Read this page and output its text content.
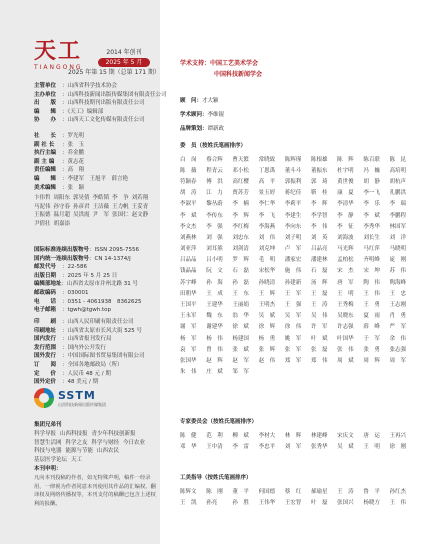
天工
TIANGONG
2014 年创刊
2025 年 5 月
2025 年第 15 期（总第 171 期）
主管单位 ：山西省科学技术协会
主办单位 ：山西科技新闻出版传媒集团有限责任公司
出　　版 ：山西科技期刊出版有限责任公司
编　　辑 ：《天工》编辑部
协　　办 ：山西天工文化传媒有限责任公司
社　　长 ：罗光明
副 社 长 ：张　玉
执行主编 ：乔金鹏
副 主 编 ：黄志花
责任编辑 ：高　翔
编　　辑 ：李建军　王旭平　薛言艳
美术编辑 ：张　颖
卞伟哲 周阳东 郭昊倩 李皓韬 李　争 刘若翔马泥伟 孙守春 孙彦君 王洁薇 王力帆 王妥青王振德 温月超 吴洪霞 尹　军 张国仁 赵文静尹倩壮 胡嘉添
国际标准连续出版物号：ISSN 2095-7556
国内统一连续出版物号：CN 14-1374/J
邮发代号 ：22-586
出版日期 ：2025 年 5 月 25 日
编辑部地址：山西省太原市并州北路 31 号
邮政编码 ：030001
电　　话 ：0351 - 4061938　8362625
电子邮箱 ：tgwh@tgwh.top
印　　刷 ：山西人民印刷有限责任公司
印刷地址 ：山西省太原市长风大街 525 号
国内发行 ：山西省报刊发行局
发行范围 ：国内外公开发行
国外发行 ：中国国际图书贸易集团有限公司
订　　阅 ：全国各地邮政局（所）
定　　价 ：人民币 48 元 / 期
国外定价 ：48 美元 / 期
SSTM
山西科技新闻出版传媒集团
集团兄弟刊
科学导报 山西科技报 青少年科技创新报智慧生活网 科学之友 科学与财经 今日农业科技与电器 能源与节能 山西农民基层医学论坛 天工
本刊申明：
凡向本刊投稿的作者，如无特殊声明，稿件一经录用，一律视为作者同意本刊使用其作品的汇编权、翻译权及网络传播权等，本刊支付的稿酬已包含上述权利的报酬。
学术支持：中国工艺美术学会
中国科技新闻学会
顾　问：才大颖
学术顾问：李维锟
品牌策划：谭新政
委　员（按姓氏笔画排序）
白　岗	蔡合辉	曹天繁	常晓致	陈辉瑾	陈根雄	陈　辉	陈百联	陈　昆
陈　薇	程青云	邓小松	丁恩禹	董斗斗	董振东	杜宇明	冯　巍	高培明
符颖春	傅　洪	高红樱	高　平	郭振利	郭　琦	黄世俊	胡　静	胡杭声
胡　涛	江　力	贾苏芳	景玉婷	蒋纪佳	靳　桂	康　夏	李一飞	孔鹏洪
李淑平	黎丛蔚	李　楠	李仁华	李莉平	李　辉	李清华	李　乐	李　瑞
李　斌	李传东	李　辉	李　飞	李建生	李学智	李　静	李　斌	李鹏程
李文杰	李　强	李红梅	李海燕	李向东	李　伟	李　征	李秀华	林国军
刘燕林	刘　强	刘忠东	刘　伟	刘子明	刘　英	刘海波	刘长生	刘　洋
刘亚萍	刘耳熊	刘剑清	刘克坤	卢　军	吕品亮	马光辉	马红萍	马晓明
吕品品	吕小明	罗　辉	毛　明	潘家宏	潘建林	孟柏松	齐明峰	庞　刚
钱晶晶	阮　文	石　磊	宋松华	施　伟	石　磊	宋　杰	宋　坤	苏　伟
苏宇峰	孙　海	孙　磊	孙晓清	孙建新	汤　辉	唐　军	陶　伟	陶海峰
田朝华	王　成	王　东	王　辉	王　军	王　磊	王　明	王　伟	王　忠
王国平	王建华	王丽娟	王明杰	王　强	王　涛	王秀梅	王　勇	王志刚
王永军	魏　东	翁　华	吴　斌	吴　军	吴　伟	吴晓东	夏　雨	肖　勇
谢　军	谢建华	徐　斌	徐　辉	徐　伟	许　军	许志强	薛　峰	严　军
杨　军	杨　伟	杨建国	杨　勇	姚　军	叶　斌	叶国华	于　军	余　伟
袁　军	曾　伟	张　斌	张　辉	张　军	张　磊	张　伟	张　勇	张志强
张国华	赵　辉	赵　军	赵　伟	郑　军	郑　伟	周　斌	周　辉	周　军
朱　伟	庄　斌	邹　军
专家委员会（按姓氏笔画排序）
陈　健	范　利	柳　斌	李材大	林　辉	林建峰	宋庆文	唐　运	王再兴
邓　华	王中清	李　雷	李忠平	刘　军	张秀华	吴　斌	王　明	徐　刚
工美指导（按姓氏笔画排序）
陈辉文	陈　刚	董　平	何国德	蔡　红	郝瑜星	王　涛	鲁　平	孙红杰
王　凯	孙亮	孙　胜	王伟华	王宏智	叶　磊	张国兴	杨晓方	王　伟
